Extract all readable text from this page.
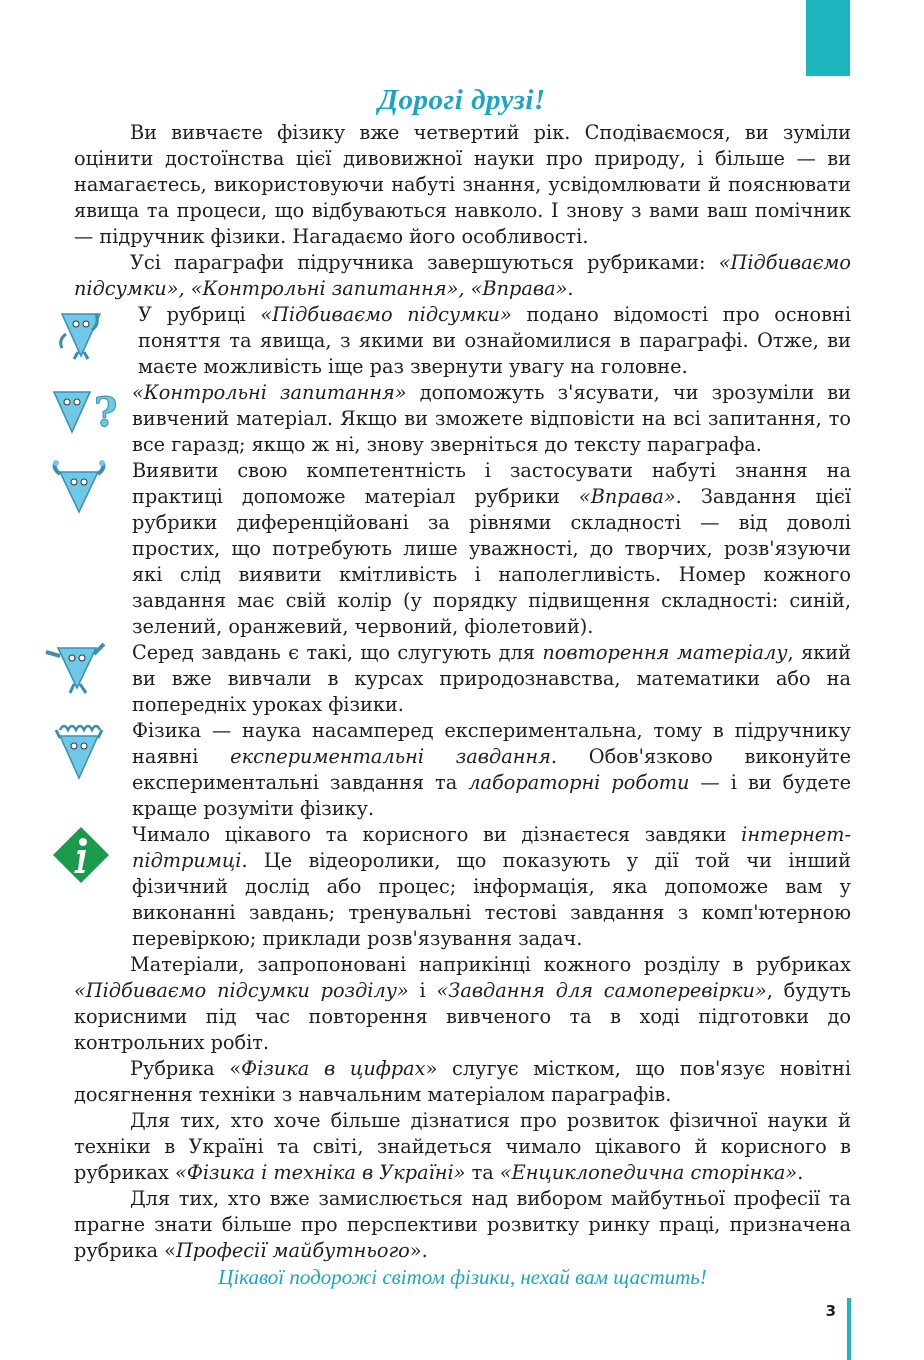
Дорогі друзі!

Ви вивчаєте фізику вже четвертий рік. Сподіваємося, ви зуміли оцінити достоїнства цієї дивовижної науки про природу, і більше — ви намагаєтесь, використовуючи набуті знання, усвідомлювати й пояснювати явища та процеси, що відбуваються навколо. І знову з вами ваш помічник — підручник фізики. Нагадаємо його особливості.

Усі параграфи підручника завершуються рубриками: «Підбиваємо підсумки», «Контрольні запитання», «Вправа».

У рубриці «Підбиваємо підсумки» подано відомості про основні поняття та явища, з якими ви ознайомилися в параграфі. Отже, ви маєте можливість іще раз звернути увагу на головне.

? «Контрольні запитання» допоможуть з'ясувати, чи зрозуміли ви вивчений матеріал. Якщо ви зможете відповісти на всі запитання, то все гаразд; якщо ж ні, знову зверніться до тексту параграфа.

Виявити свою компетентність і застосувати набуті знання на практиці допоможе матеріал рубрики «Вправа». Завдання цієї рубрики диференційовані за рівнями складності — від доволі простих, що потребують лише уважності, до творчих, розв'язуючи які слід виявити кмітливість і наполегливість. Номер кожного завдання має свій колір (у порядку підвищення складності: синій, зелений, оранжевий, червоний, фіолетовий).

Серед завдань є такі, що слугують для повторення матеріалу, який ви вже вивчали в курсах природознавства, математики або на попередніх уроках фізики.

Фізика — наука насамперед експериментальна, тому в підручнику наявні експериментальні завдання. Обов'язково виконуйте експериментальні завдання та лабораторні роботи — і ви будете краще розуміти фізику.

Чимало цікавого та корисного ви дізнаєтеся завдяки інтернет-підтримці. Це відеоролики, що показують у дії той чи інший фізичний дослід або процес; інформація, яка допоможе вам у виконанні завдань; тренувальні тестові завдання з комп'ютерною перевіркою; приклади розв'язування задач.

Матеріали, запропоновані наприкінці кожного розділу в рубриках «Підбиваємо підсумки розділу» і «Завдання для самоперевірки», будуть корисними під час повторення вивченого та в ході підготовки до контрольних робіт.

Рубрика «Фізика в цифрах» слугує містком, що пов'язує новітні досягнення техніки з навчальним матеріалом параграфів.

Для тих, хто хоче більше дізнатися про розвиток фізичної науки й техніки в Україні та світі, знайдеться чимало цікавого й корисного в рубриках «Фізика і техніка в Україні» та «Енциклопедична сторінка».

Для тих, хто вже замислюється над вибором майбутньої професії та прагне знати більше про перспективи розвитку ринку праці, призначена рубрика «Професії майбутнього».

Цікавої подорожі світом фізики, нехай вам щастить!

3
